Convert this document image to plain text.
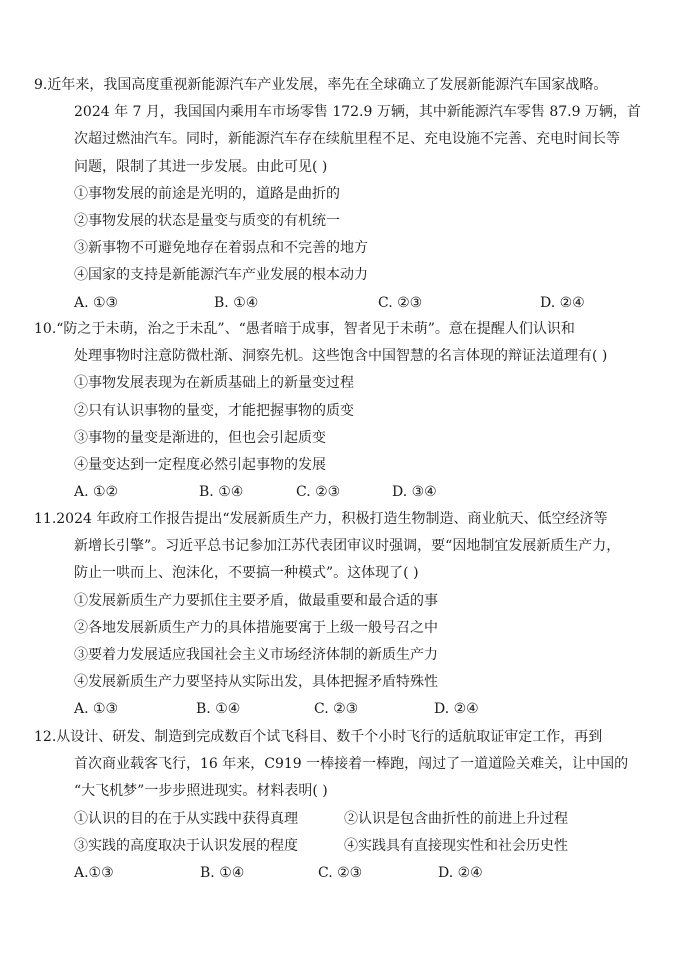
9.近年来，我国高度重视新能源汽车产业发展，率先在全球确立了发展新能源汽车国家战略。
2024 年 7 月，我国国内乘用车市场零售 172.9 万辆，其中新能源汽车零售 87.9 万辆，首
次超过燃油汽车。同时，新能源汽车存在续航里程不足、充电设施不完善、充电时间长等
问题，限制了其进一步发展。由此可见( )
①事物发展的前途是光明的，道路是曲折的
②事物发展的状态是量变与质变的有机统一
③新事物不可避免地存在着弱点和不完善的地方
④国家的支持是新能源汽车产业发展的根本动力
A. ①③	B. ①④	C. ②③	D. ②④
10.“防之于未萌，治之于未乱”、“愚者暗于成事，智者见于未萌”。意在提醒人们认识和
处理事物时注意防微杜渐、洞察先机。这些饱含中国智慧的名言体现的辩证法道理有( )
①事物发展表现为在新质基础上的新量变过程
②只有认识事物的量变，才能把握事物的质变
③事物的量变是渐进的，但也会引起质变
④量变达到一定程度必然引起事物的发展
A. ①②	B. ①④	C. ②③	D. ③④
11.2024 年政府工作报告提出“发展新质生产力，积极打造生物制造、商业航天、低空经济等
新增长引擎”。习近平总书记参加江苏代表团审议时强调，要“因地制宜发展新质生产力，
防止一哄而上、泡沫化，不要搞一种模式”。这体现了( )
①发展新质生产力要抓住主要矛盾，做最重要和最合适的事
②各地发展新质生产力的具体措施要寓于上级一般号召之中
③要着力发展适应我国社会主义市场经济体制的新质生产力
④发展新质生产力要坚持从实际出发，具体把握矛盾特殊性
A. ①③	B. ①④	C. ②③	D. ②④
12.从设计、研发、制造到完成数百个试飞科目、数千个小时飞行的适航取证审定工作，再到
首次商业载客飞行，16 年来，C919 一棒接着一棒跑，闯过了一道道险关难关，让中国的
“大飞机梦”一步步照进现实。材料表明( )
①认识的目的在于从实践中获得真理	②认识是包含曲折性的前进上升过程
③实践的高度取决于认识发展的程度	④实践具有直接现实性和社会历史性
A.①③	B. ①④	C. ②③	D. ②④
